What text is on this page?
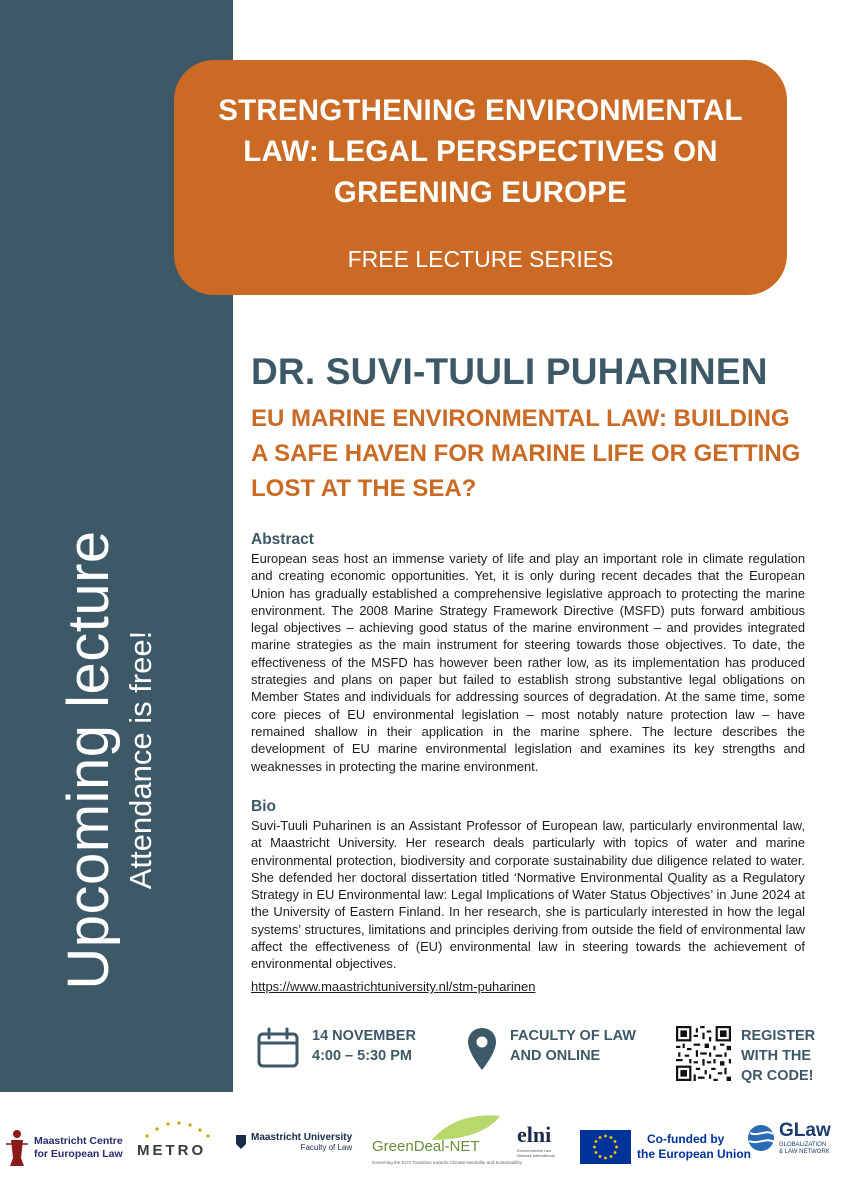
Upcoming lecture Attendance is free!
STRENGTHENING ENVIRONMENTAL LAW: LEGAL PERSPECTIVES ON GREENING EUROPE
FREE LECTURE SERIES
DR. SUVI-TUULI PUHARINEN
EU MARINE ENVIRONMENTAL LAW: BUILDING A SAFE HAVEN FOR MARINE LIFE OR GETTING LOST AT THE SEA?
Abstract

European seas host an immense variety of life and play an important role in climate regulation and creating economic opportunities. Yet, it is only during recent decades that the European Union has gradually established a comprehensive legislative approach to protecting the marine environment. The 2008 Marine Strategy Framework Directive (MSFD) puts forward ambitious legal objectives – achieving good status of the marine environment – and provides integrated marine strategies as the main instrument for steering towards those objectives. To date, the effectiveness of the MSFD has however been rather low, as its implementation has produced strategies and plans on paper but failed to establish strong substantive legal obligations on Member States and individuals for addressing sources of degradation. At the same time, some core pieces of EU environmental legislation – most notably nature protection law – have remained shallow in their application in the marine sphere. The lecture describes the development of EU marine environmental legislation and examines its key strengths and weaknesses in protecting the marine environment.

Bio

Suvi-Tuuli Puharinen is an Assistant Professor of European law, particularly environmental law, at Maastricht University. Her research deals particularly with topics of water and marine environmental protection, biodiversity and corporate sustainability due diligence related to water. She defended her doctoral dissertation titled ‘Normative Environmental Quality as a Regulatory Strategy in EU Environmental law: Legal Implications of Water Status Objectives’ in June 2024 at the University of Eastern Finland. In her research, she is particularly interested in how the legal systems’ structures, limitations and principles deriving from outside the field of environmental law affect the effectiveness of (EU) environmental law in steering towards the achievement of environmental objectives.

https://www.maastrichtuniversity.nl/stm-puharinen
14 NOVEMBER
4:00 – 5:30 PM
FACULTY OF LAW
AND ONLINE
REGISTER
WITH THE
QR CODE!
Maastricht Centre
for European Law METRO
Maastricht University
Faculty of Law GreenDeal-NET
Governing the EU's Transition towards Climate Neutrality and Sustainability
elni
Environmental Law Network International
Co-funded by
the European Union
GLaw
GLOBALIZATION
& LAW NETWORK
